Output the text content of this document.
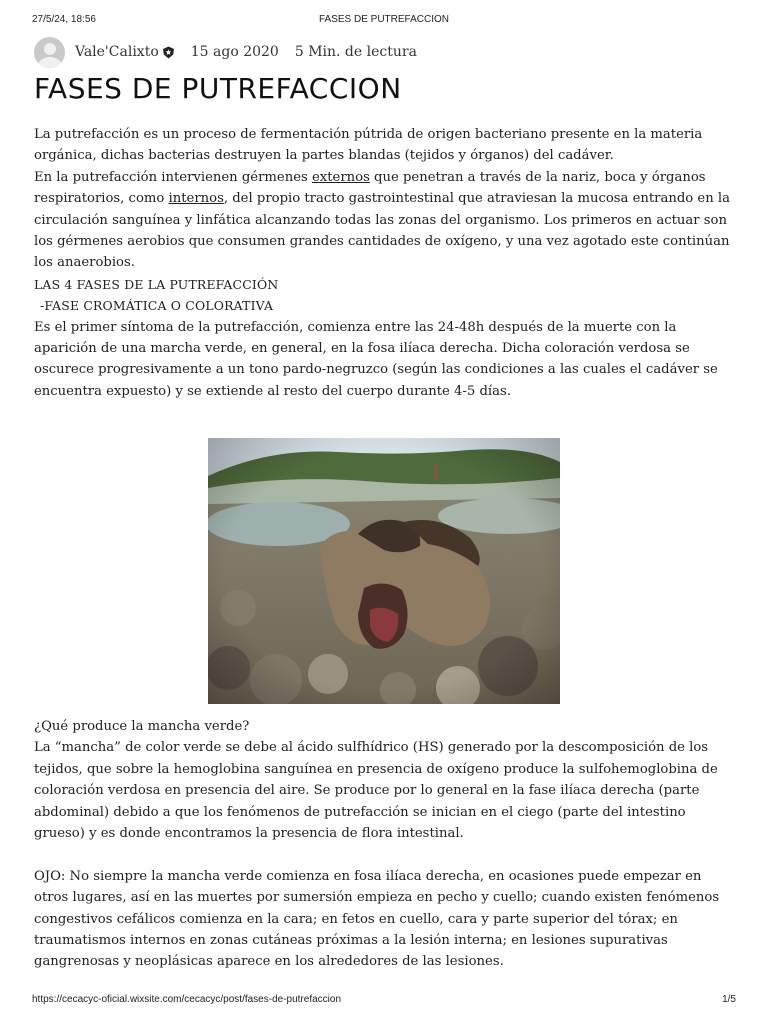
27/5/24, 18:56	FASES DE PUTREFACCION
Vale'Calixto 15 ago 2020 5 Min. de lectura
FASES DE PUTREFACCION

La putrefacción es un proceso de fermentación pútrida de origen bacteriano presente en la materia orgánica, dichas bacterias destruyen la partes blandas (tejidos y órganos) del cadáver.

En la putrefacción intervienen gérmenes externos que penetran a través de la nariz, boca y órganos respiratorios, como internos, del propio tracto gastrointestinal que atraviesan la mucosa entrando en la circulación sanguínea y linfática alcanzando todas las zonas del organismo. Los primeros en actuar son los gérmenes aerobios que consumen grandes cantidades de oxígeno, y una vez agotado este continúan los anaerobios.

LAS 4 FASES DE LA PUTREFACCIÓN

-FASE CROMÁTICA O COLORATIVA

Es el primer síntoma de la putrefacción, comienza entre las 24-48h después de la muerte con la aparición de una marcha verde, en general, en la fosa ilíaca derecha. Dicha coloración verdosa se oscurece progresivamente a un tono pardo-negruzco (según las condiciones a las cuales el cadáver se encuentra expuesto) y se extiende al resto del cuerpo durante 4-5 días.

¿Qué produce la mancha verde?

La “mancha” de color verde se debe al ácido sulfhídrico (HS) generado por la descomposición de los tejidos, que sobre la hemoglobina sanguínea en presencia de oxígeno produce la sulfohemoglobina de coloración verdosa en presencia del aire. Se produce por lo general en la fase ilíaca derecha (parte abdominal) debido a que los fenómenos de putrefacción se inician en el ciego (parte del intestino grueso) y es donde encontramos la presencia de flora intestinal.

OJO: No siempre la mancha verde comienza en fosa ilíaca derecha, en ocasiones puede empezar en otros lugares, así en las muertes por sumersión empieza en pecho y cuello; cuando existen fenómenos congestivos cefálicos comienza en la cara; en fetos en cuello, cara y parte superior del tórax; en traumatismos internos en zonas cutáneas próximas a la lesión interna; en lesiones supurativas gangrenosas y neoplásicas aparece en los alrededores de las lesiones.

https://cecacyc-oficial.wixsite.com/cecacyc/post/fases-de-putrefaccion	1/5
